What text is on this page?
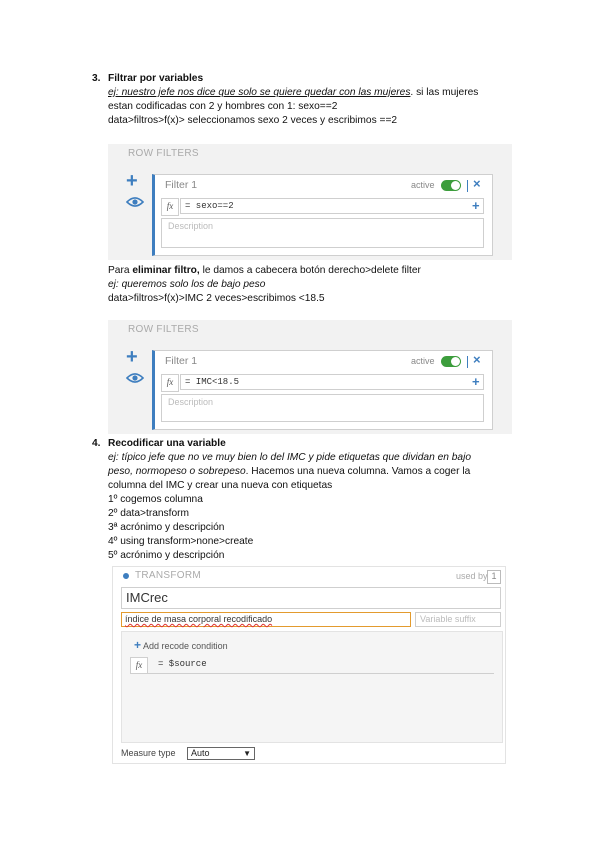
3. Filtrar por variables
ej: nuestro jefe nos dice que solo se quiere quedar con las mujeres. si las mujeres
estan codificadas con 2 y hombres con 1: sexo==2
data>filtros>f(x)> seleccionamos sexo 2 veces y escribimos ==2
ROW FILTERS
+	Filter 1	active	×
fx	= sexo==2	+
Description
Para eliminar filtro, le damos a cabecera botón derecho>delete filter
ej: queremos solo los de bajo peso
data>filtros>f(x)>IMC 2 veces>escribimos <18.5
ROW FILTERS
+	Filter 1	active	×
fx	= IMC<18.5	+
Description
4. Recodificar una variable
ej: típico jefe que no ve muy bien lo del IMC y pide etiquetas que dividan en bajo
peso, normopeso o sobrepeso. Hacemos una nueva columna. Vamos a coger la
columna del IMC y crear una nueva con etiquetas
1º cogemos columna
2º data>transform
3ª acrónimo y descripción
4º using transform>none>create
5º acrónimo y descripción
TRANSFORM	used by 1
IMCrec
índice de masa corporal recodificado	Variable suffix
+ Add recode condition
fx	= $source
Measure type	Auto	▼
